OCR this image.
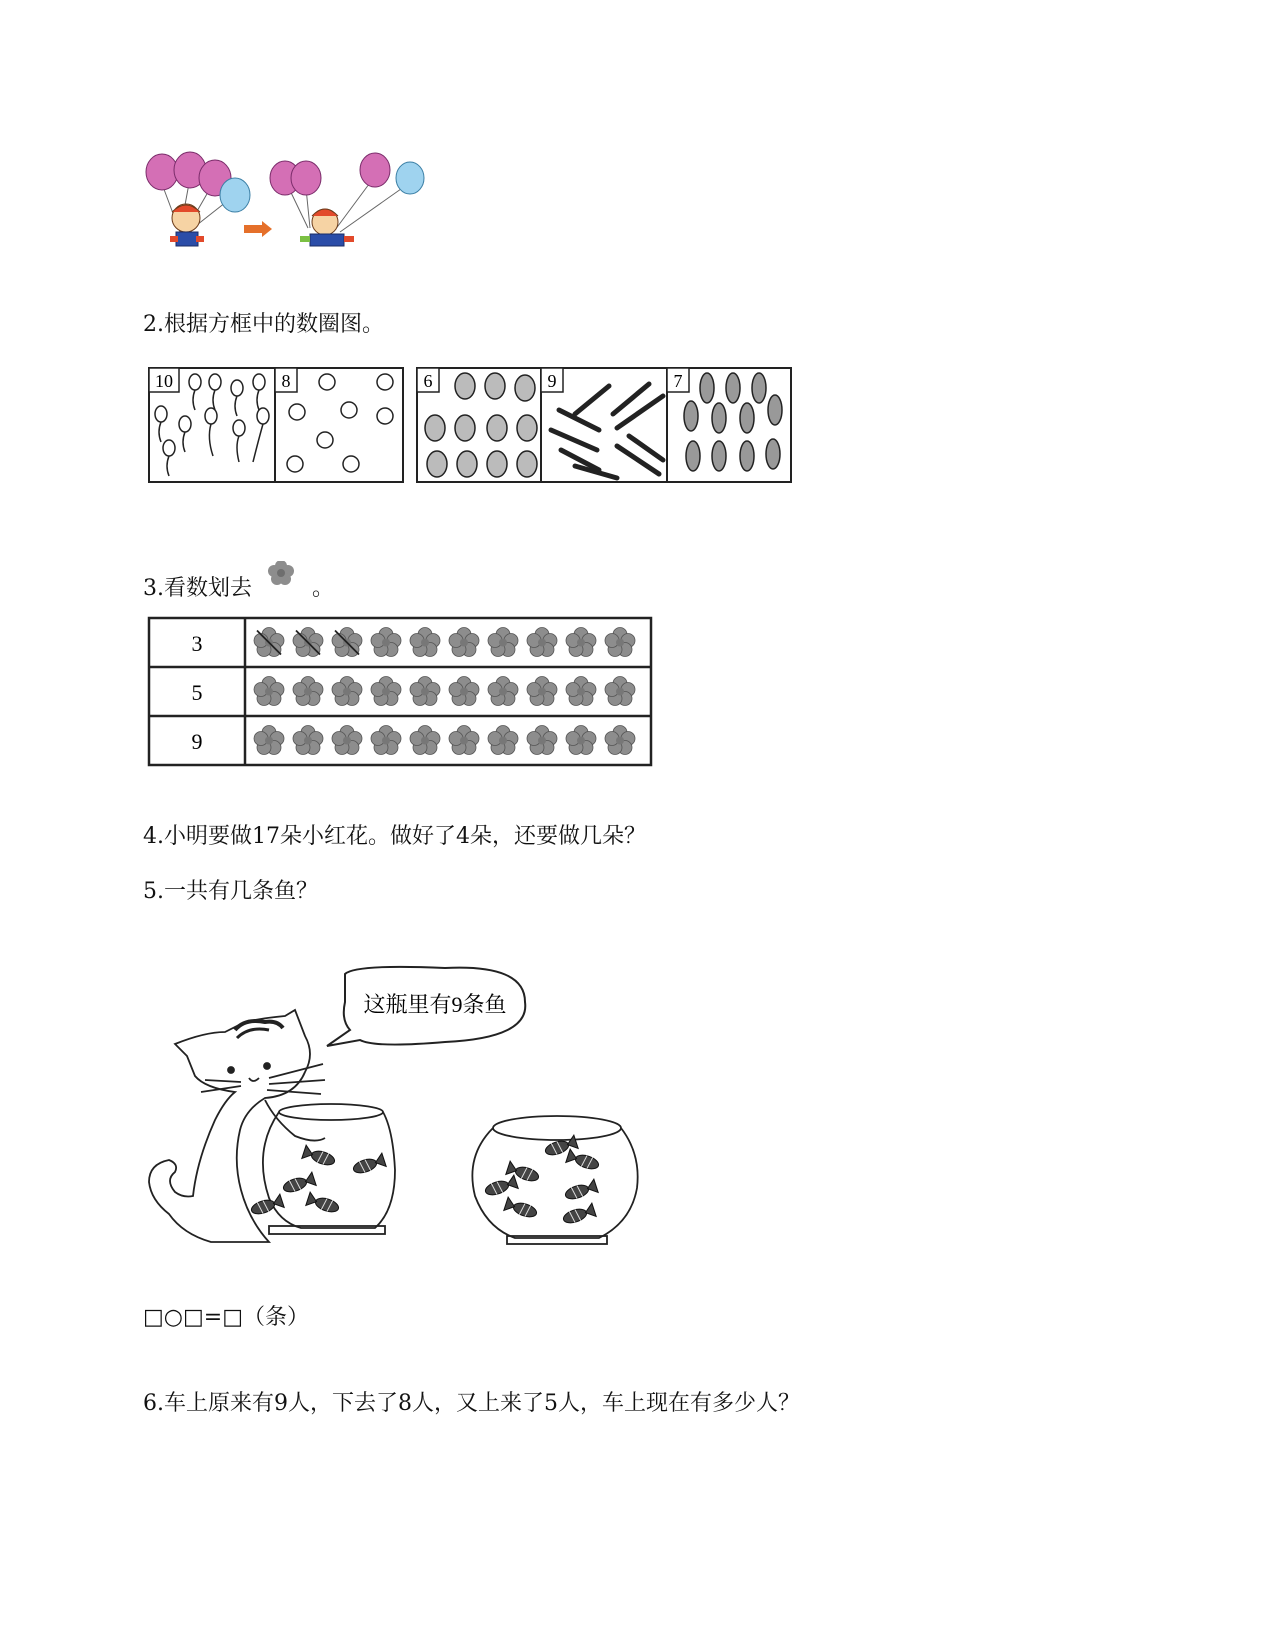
2.根据方框中的数圈图。
10	8	6	9	7
3.看数划去	。
3
5
9
4.小明要做17朵小红花。做好了4朵，还要做几朵？
5.一共有几条鱼？
这瓶里有9条鱼
□○□=□（条）
6.车上原来有9人，下去了8人，又上来了5人，车上现在有多少人？
